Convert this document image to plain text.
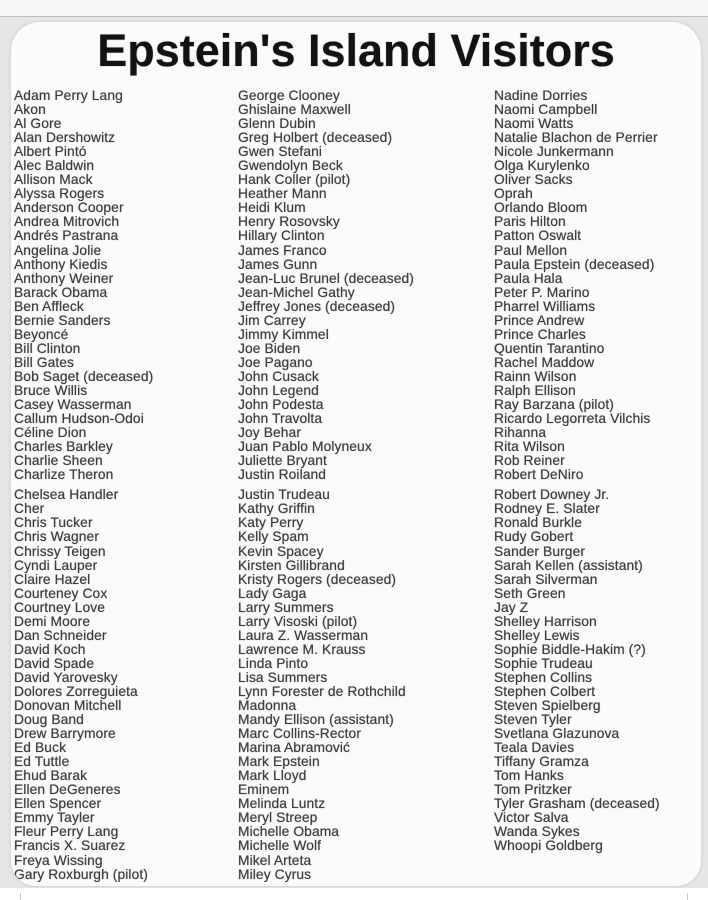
Epstein's Island Visitors
Adam Perry Lang
Akon
Al Gore
Alan Dershowitz
Albert Pintó
Alec Baldwin
Allison Mack
Alyssa Rogers
Anderson Cooper
Andrea Mitrovich
Andrés Pastrana
Angelina Jolie
Anthony Kiedis
Anthony Weiner
Barack Obama
Ben Affleck
Bernie Sanders
Beyoncé
Bill Clinton
Bill Gates
Bob Saget (deceased)
Bruce Willis
Casey Wasserman
Callum Hudson-Odoi
Céline Dion
Charles Barkley
Charlie Sheen
Charlize Theron
Chelsea Handler
Cher
Chris Tucker
Chris Wagner
Chrissy Teigen
Cyndi Lauper
Claire Hazel
Courteney Cox
Courtney Love
Demi Moore
Dan Schneider
David Koch
David Spade
David Yarovesky
Dolores Zorreguieta
Donovan Mitchell
Doug Band
Drew Barrymore
Ed Buck
Ed Tuttle
Ehud Barak
Ellen DeGeneres
Ellen Spencer
Emmy Tayler
Fleur Perry Lang
Francis X. Suarez
Freya Wissing
Gary Roxburgh (pilot)
George Clooney
Ghislaine Maxwell
Glenn Dubin
Greg Holbert (deceased)
Gwen Stefani
Gwendolyn Beck
Hank Coller (pilot)
Heather Mann
Heidi Klum
Henry Rosovsky
Hillary Clinton
James Franco
James Gunn
Jean-Luc Brunel (deceased)
Jean-Michel Gathy
Jeffrey Jones (deceased)
Jim Carrey
Jimmy Kimmel
Joe Biden
Joe Pagano
John Cusack
John Legend
John Podesta
John Travolta
Joy Behar
Juan Pablo Molyneux
Juliette Bryant
Justin Roiland
Justin Trudeau
Kathy Griffin
Katy Perry
Kelly Spam
Kevin Spacey
Kirsten Gillibrand
Kristy Rogers (deceased)
Lady Gaga
Larry Summers
Larry Visoski (pilot)
Laura Z. Wasserman
Lawrence M. Krauss
Linda Pinto
Lisa Summers
Lynn Forester de Rothchild
Madonna
Mandy Ellison (assistant)
Marc Collins-Rector
Marina Abramović
Mark Epstein
Mark Lloyd
Eminem
Melinda Luntz
Meryl Streep
Michelle Obama
Michelle Wolf
Mikel Arteta
Miley Cyrus
Nadine Dorries
Naomi Campbell
Naomi Watts
Natalie Blachon de Perrier
Nicole Junkermann
Olga Kurylenko
Oliver Sacks
Oprah
Orlando Bloom
Paris Hilton
Patton Oswalt
Paul Mellon
Paula Epstein (deceased)
Paula Hala
Peter P. Marino
Pharrel Williams
Prince Andrew
Prince Charles
Quentin Tarantino
Rachel Maddow
Rainn Wilson
Ralph Ellison
Ray Barzana (pilot)
Ricardo Legorreta Vilchis
Rihanna
Rita Wilson
Rob Reiner
Robert DeNiro
Robert Downey Jr.
Rodney E. Slater
Ronald Burkle
Rudy Gobert
Sander Burger
Sarah Kellen (assistant)
Sarah Silverman
Seth Green
Jay Z
Shelley Harrison
Shelley Lewis
Sophie Biddle-Hakim (?)
Sophie Trudeau
Stephen Collins
Stephen Colbert
Steven Spielberg
Steven Tyler
Svetlana Glazunova
Teala Davies
Tiffany Gramza
Tom Hanks
Tom Pritzker
Tyler Grasham (deceased)
Victor Salva
Wanda Sykes
Whoopi Goldberg
